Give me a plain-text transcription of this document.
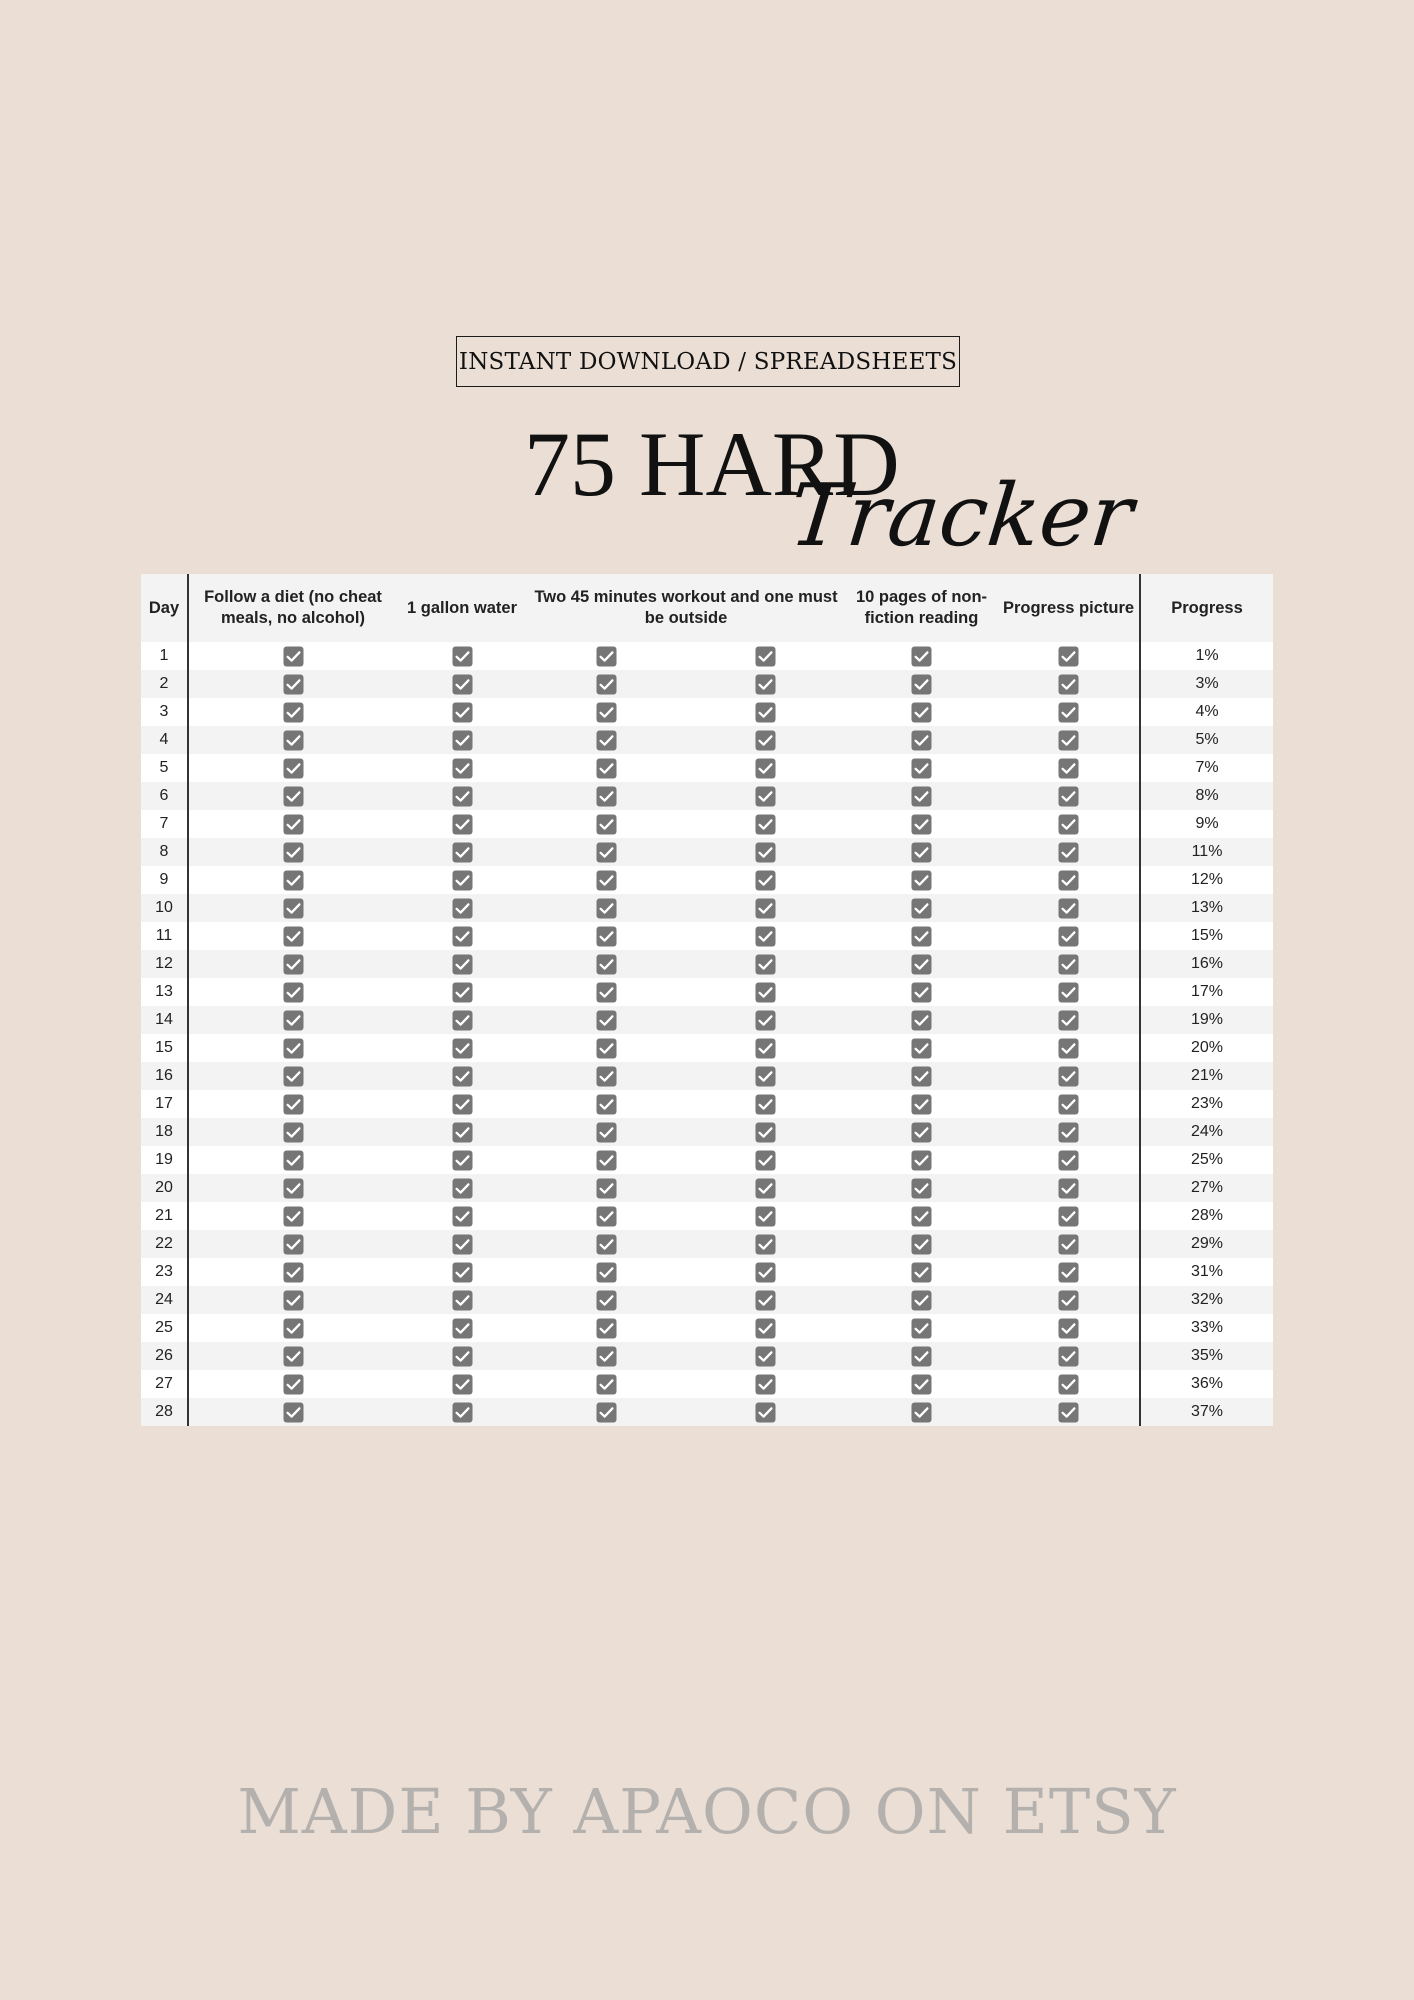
INSTANT DOWNLOAD / SPREADSHEETS
75 HARD
Tracker
Day	Follow a diet (no cheat meals, no alcohol)	1 gallon water	Two 45 minutes workout and one must be outside		10 pages of non-fiction reading	Progress picture	Progress
1							1%
2							3%
3							4%
4							5%
5							7%
6							8%
7							9%
8							11%
9							12%
10							13%
11							15%
12							16%
13							17%
14							19%
15							20%
16							21%
17							23%
18							24%
19							25%
20							27%
21							28%
22							29%
23							31%
24							32%
25							33%
26							35%
27							36%
28							37%
MADE BY APAOCO ON ETSY
